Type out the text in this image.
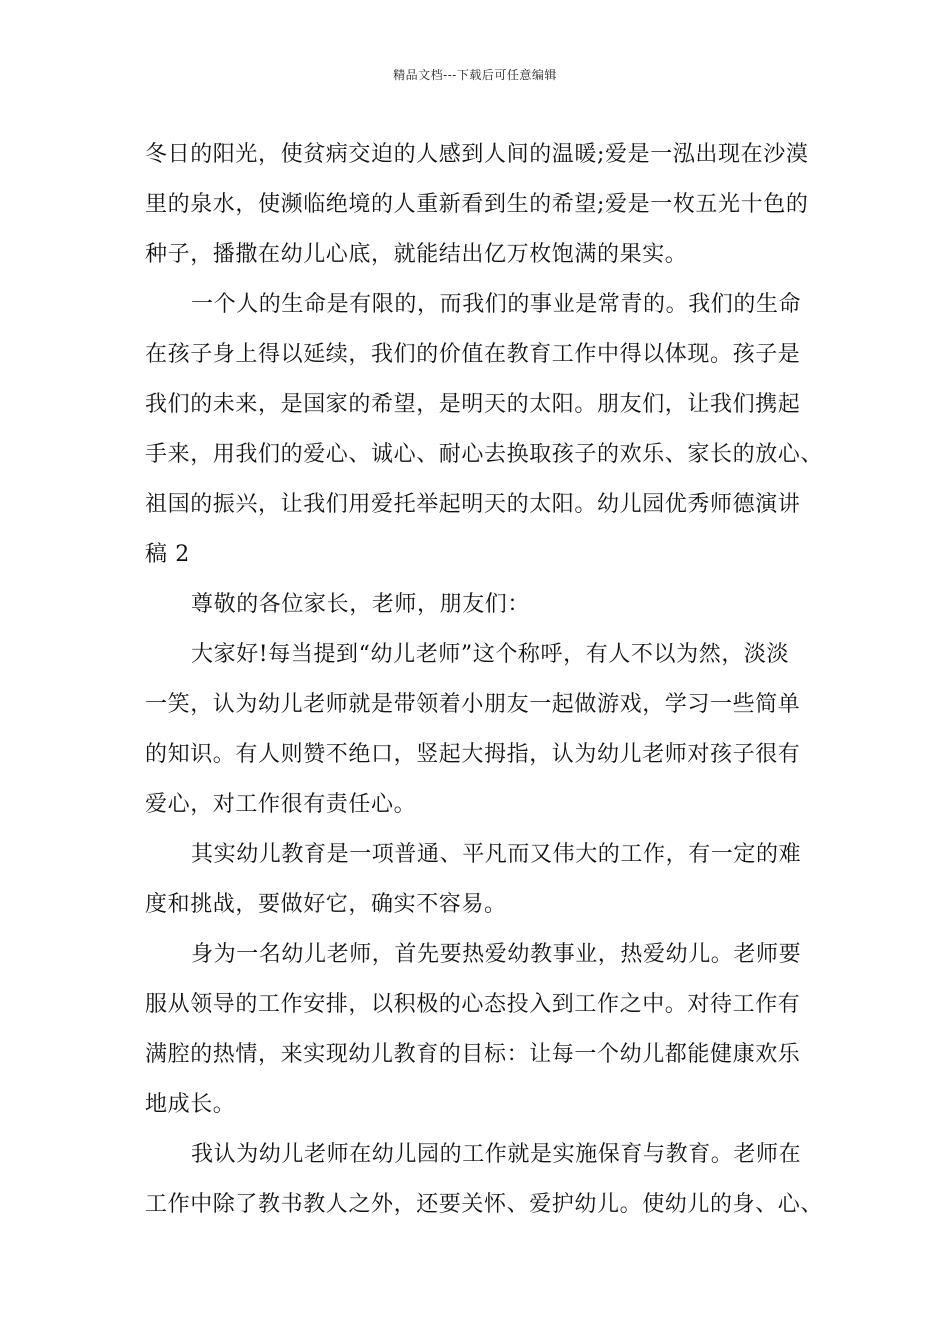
精品文档---下载后可任意编辑
冬日的阳光，使贫病交迫的人感到人间的温暖;爱是一泓出现在沙漠
里的泉水，使濒临绝境的人重新看到生的希望;爱是一枚五光十色的
种子，播撒在幼儿心底，就能结出亿万枚饱满的果实。
一个人的生命是有限的，而我们的事业是常青的。我们的生命
在孩子身上得以延续，我们的价值在教育工作中得以体现。孩子是
我们的未来，是国家的希望，是明天的太阳。朋友们，让我们携起
手来，用我们的爱心、诚心、耐心去换取孩子的欢乐、家长的放心、
祖国的振兴，让我们用爱托举起明天的太阳。幼儿园优秀师德演讲
稿 2
尊敬的各位家长，老师，朋友们：
大家好!每当提到“幼儿老师”这个称呼，有人不以为然，淡淡
一笑，认为幼儿老师就是带领着小朋友一起做游戏，学习一些简单
的知识。有人则赞不绝口，竖起大拇指，认为幼儿老师对孩子很有
爱心，对工作很有责任心。
其实幼儿教育是一项普通、平凡而又伟大的工作，有一定的难
度和挑战，要做好它，确实不容易。
身为一名幼儿老师，首先要热爱幼教事业，热爱幼儿。老师要
服从领导的工作安排，以积极的心态投入到工作之中。对待工作有
满腔的热情，来实现幼儿教育的目标：让每一个幼儿都能健康欢乐
地成长。
我认为幼儿老师在幼儿园的工作就是实施保育与教育。老师在
工作中除了教书教人之外，还要关怀、爱护幼儿。使幼儿的身、心、
